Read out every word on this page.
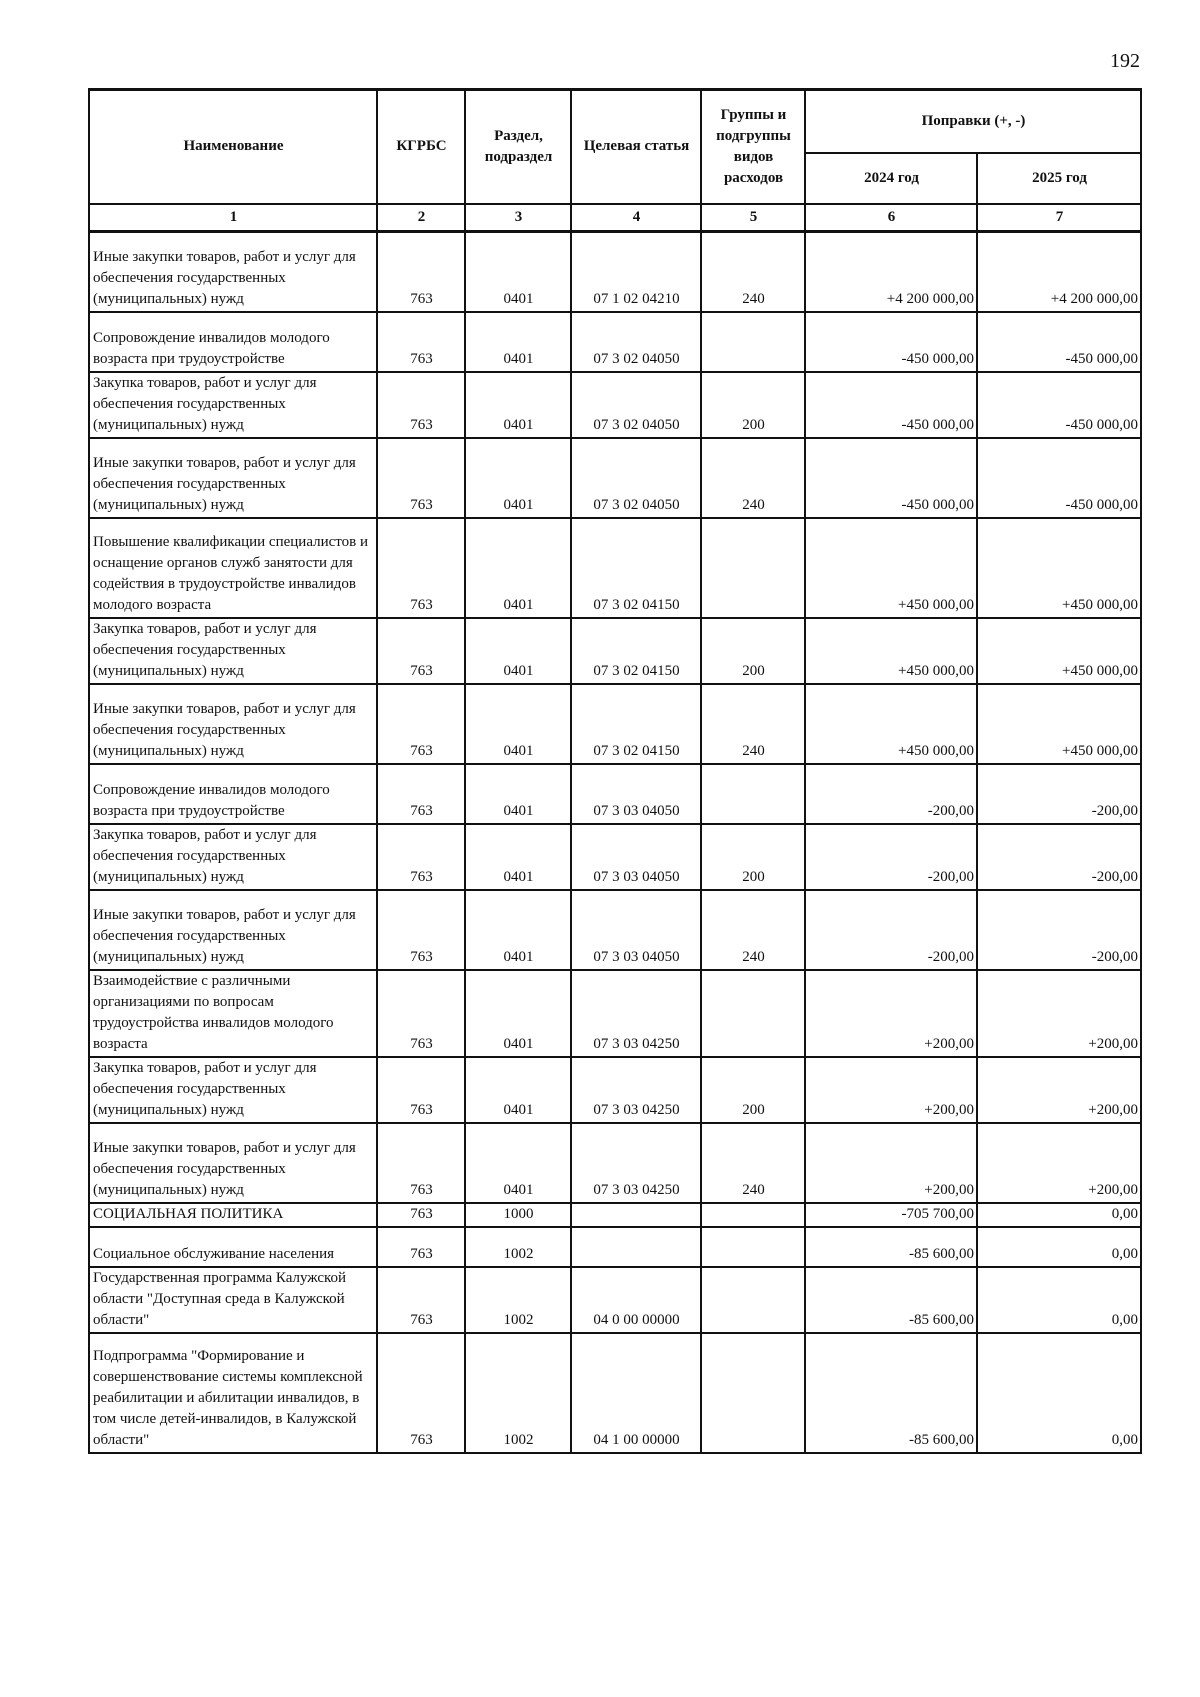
192
Наименование	КГРБС	Раздел, подраздел	Целевая статья	Группы и подгруппы видов расходов	Поправки (+, -)	
					2024 год	2025 год
1	2	3	4	5	6	7
Иные закупки товаров, работ и услуг для обеспечения государственных (муниципальных) нужд	763	0401	07 1 02 04210	240	+4 200 000,00	+4 200 000,00
Сопровождение инвалидов молодого возраста при трудоустройстве	763	0401	07 3 02 04050		-450 000,00	-450 000,00
Закупка товаров, работ и услуг для обеспечения государственных (муниципальных) нужд	763	0401	07 3 02 04050	200	-450 000,00	-450 000,00
Иные закупки товаров, работ и услуг для обеспечения государственных (муниципальных) нужд	763	0401	07 3 02 04050	240	-450 000,00	-450 000,00
Повышение квалификации специалистов и оснащение органов служб занятости для содействия в трудоустройстве инвалидов молодого возраста	763	0401	07 3 02 04150		+450 000,00	+450 000,00
Закупка товаров, работ и услуг для обеспечения государственных (муниципальных) нужд	763	0401	07 3 02 04150	200	+450 000,00	+450 000,00
Иные закупки товаров, работ и услуг для обеспечения государственных (муниципальных) нужд	763	0401	07 3 02 04150	240	+450 000,00	+450 000,00
Сопровождение инвалидов молодого возраста при трудоустройстве	763	0401	07 3 03 04050		-200,00	-200,00
Закупка товаров, работ и услуг для обеспечения государственных (муниципальных) нужд	763	0401	07 3 03 04050	200	-200,00	-200,00
Иные закупки товаров, работ и услуг для обеспечения государственных (муниципальных) нужд	763	0401	07 3 03 04050	240	-200,00	-200,00
Взаимодействие с различными организациями по вопросам трудоустройства инвалидов молодого возраста	763	0401	07 3 03 04250		+200,00	+200,00
Закупка товаров, работ и услуг для обеспечения государственных (муниципальных) нужд	763	0401	07 3 03 04250	200	+200,00	+200,00
Иные закупки товаров, работ и услуг для обеспечения государственных (муниципальных) нужд	763	0401	07 3 03 04250	240	+200,00	+200,00
СОЦИАЛЬНАЯ ПОЛИТИКА	763	1000			-705 700,00	0,00
Социальное обслуживание населения	763	1002			-85 600,00	0,00
Государственная программа Калужской области "Доступная среда в Калужской области"	763	1002	04 0 00 00000		-85 600,00	0,00
Подпрограмма "Формирование и совершенствование системы комплексной реабилитации и абилитации инвалидов, в том числе детей-инвалидов, в Калужской области"	763	1002	04 1 00 00000		-85 600,00	0,00
